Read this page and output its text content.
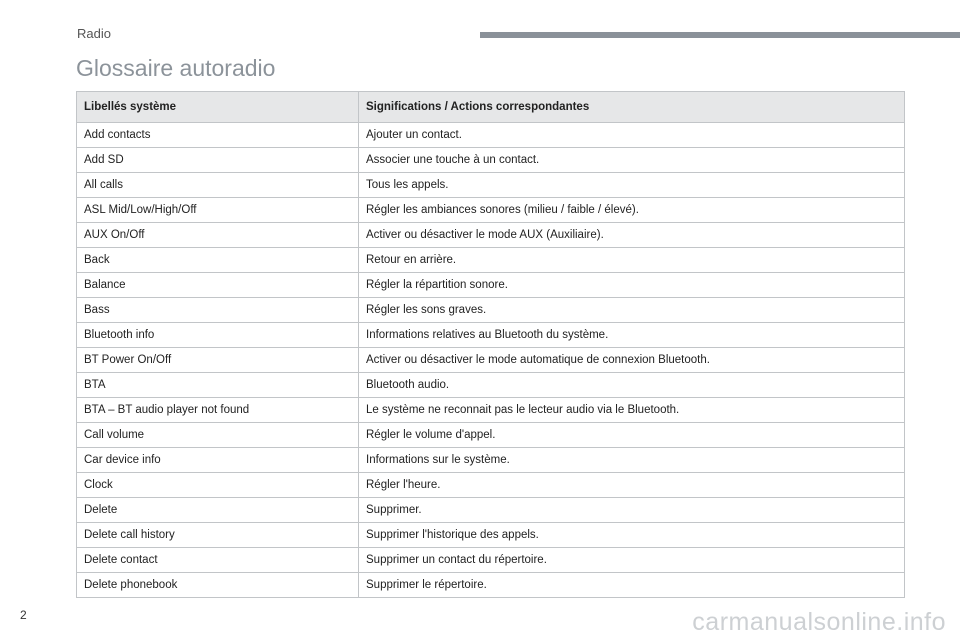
Radio
Glossaire autoradio
Libellés système	Significations / Actions correspondantes
Add contacts	Ajouter un contact.
Add SD	Associer une touche à un contact.
All calls	Tous les appels.
ASL Mid/Low/High/Off	Régler les ambiances sonores (milieu / faible / élevé).
AUX On/Off	Activer ou désactiver le mode AUX (Auxiliaire).
Back	Retour en arrière.
Balance	Régler la répartition sonore.
Bass	Régler les sons graves.
Bluetooth info	Informations relatives au Bluetooth du système.
BT Power On/Off	Activer ou désactiver le mode automatique de connexion Bluetooth.
BTA	Bluetooth audio.
BTA – BT audio player not found	Le système ne reconnait pas le lecteur audio via le Bluetooth.
Call volume	Régler le volume d'appel.
Car device info	Informations sur le système.
Clock	Régler l'heure.
Delete	Supprimer.
Delete call history	Supprimer l'historique des appels.
Delete contact	Supprimer un contact du répertoire.
Delete phonebook	Supprimer le répertoire.
2	carmanualsonline.info
